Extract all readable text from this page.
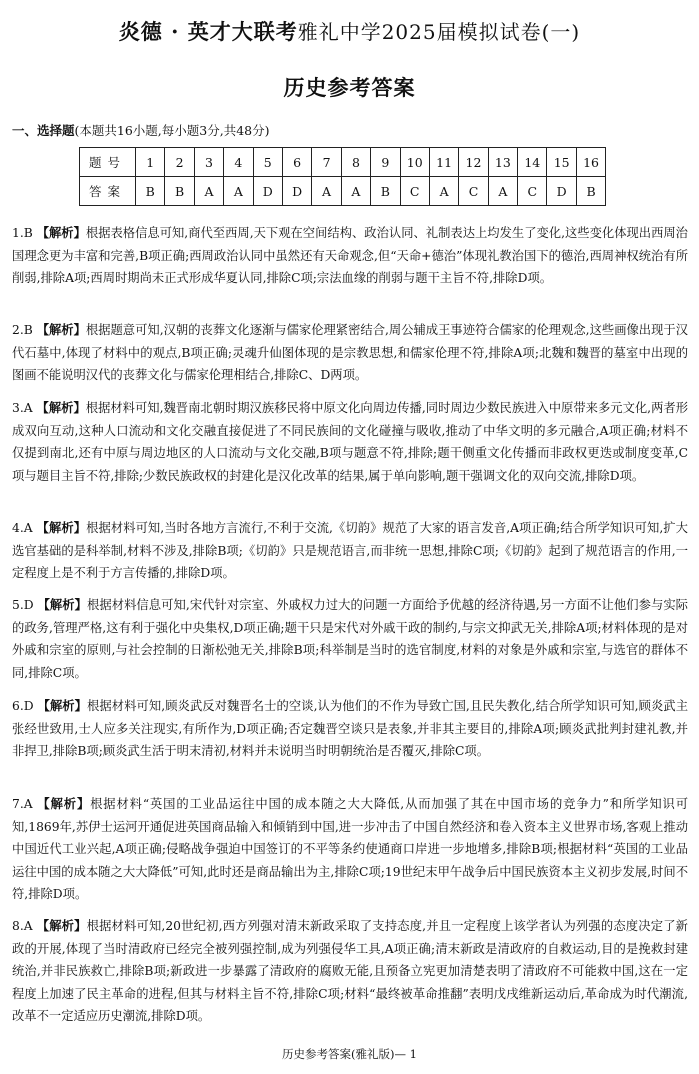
炎德 · 英才大联考雅礼中学2025届模拟试卷(一)
历史参考答案
一、选择题(本题共16小题,每小题3分,共48分)
题号	1	2	3	4	5	6	7	8	9	10	11	12	13	14	15	16
答案	B	B	A	A	D	D	A	A	B	C	A	C	A	C	D	B
1.B 【解析】根据表格信息可知,商代至西周,天下观在空间结构、政治认同、礼制表达上均发生了变化,这些变化体现出西周治国理念更为丰富和完善,B项正确;西周政治认同中虽然还有天命观念,但“天命+德治”体现礼教治国下的德治,西周神权统治有所削弱,排除A项;西周时期尚未正式形成华夏认同,排除C项;宗法血缘的削弱与题干主旨不符,排除D项。
2.B 【解析】根据题意可知,汉朝的丧葬文化逐渐与儒家伦理紧密结合,周公辅成王事迹符合儒家的伦理观念,这些画像出现于汉代石墓中,体现了材料中的观点,B项正确;灵魂升仙图体现的是宗教思想,和儒家伦理不符,排除A项;北魏和魏晋的墓室中出现的图画不能说明汉代的丧葬文化与儒家伦理相结合,排除C、D两项。
3.A 【解析】根据材料可知,魏晋南北朝时期汉族移民将中原文化向周边传播,同时周边少数民族进入中原带来多元文化,两者形成双向互动,这种人口流动和文化交融直接促进了不同民族间的文化碰撞与吸收,推动了中华文明的多元融合,A项正确;材料不仅提到南北,还有中原与周边地区的人口流动与文化交融,B项与题意不符,排除;题干侧重文化传播而非政权更迭或制度变革,C项与题目主旨不符,排除;少数民族政权的封建化是汉化改革的结果,属于单向影响,题干强调文化的双向交流,排除D项。
4.A 【解析】根据材料可知,当时各地方言流行,不利于交流,《切韵》规范了大家的语言发音,A项正确;结合所学知识可知,扩大选官基础的是科举制,材料不涉及,排除B项;《切韵》只是规范语言,而非统一思想,排除C项;《切韵》起到了规范语言的作用,一定程度上是不利于方言传播的,排除D项。
5.D 【解析】根据材料信息可知,宋代针对宗室、外戚权力过大的问题一方面给予优越的经济待遇,另一方面不让他们参与实际的政务,管理严格,这有利于强化中央集权,D项正确;题干只是宋代对外戚干政的制约,与宗文抑武无关,排除A项;材料体现的是对外戚和宗室的原则,与社会控制的日渐松弛无关,排除B项;科举制是当时的选官制度,材料的对象是外戚和宗室,与选官的群体不同,排除C项。
6.D 【解析】根据材料可知,顾炎武反对魏晋名士的空谈,认为他们的不作为导致亡国,且民失教化,结合所学知识可知,顾炎武主张经世致用,士人应多关注现实,有所作为,D项正确;否定魏晋空谈只是表象,并非其主要目的,排除A项;顾炎武批判封建礼教,并非捍卫,排除B项;顾炎武生活于明末清初,材料并未说明当时明朝统治是否覆灭,排除C项。
7.A 【解析】根据材料“英国的工业品运往中国的成本随之大大降低,从而加强了其在中国市场的竞争力”和所学知识可知,1869年,苏伊士运河开通促进英国商品输入和倾销到中国,进一步冲击了中国自然经济和卷入资本主义世界市场,客观上推动中国近代工业兴起,A项正确;侵略战争强迫中国签订的不平等条约使通商口岸进一步地增多,排除B项;根据材料“英国的工业品运往中国的成本随之大大降低”可知,此时还是商品输出为主,排除C项;19世纪末甲午战争后中国民族资本主义初步发展,时间不符,排除D项。
8.A 【解析】根据材料可知,20世纪初,西方列强对清末新政采取了支持态度,并且一定程度上该学者认为列强的态度决定了新政的开展,体现了当时清政府已经完全被列强控制,成为列强侵华工具,A项正确;清末新政是清政府的自救运动,目的是挽救封建统治,并非民族救亡,排除B项;新政进一步暴露了清政府的腐败无能,且预备立宪更加清楚表明了清政府不可能救中国,这在一定程度上加速了民主革命的进程,但其与材料主旨不符,排除C项;材料“最终被革命推翻”表明戊戌维新运动后,革命成为时代潮流,改革不一定适应历史潮流,排除D项。
历史参考答案(雅礼版)— 1
